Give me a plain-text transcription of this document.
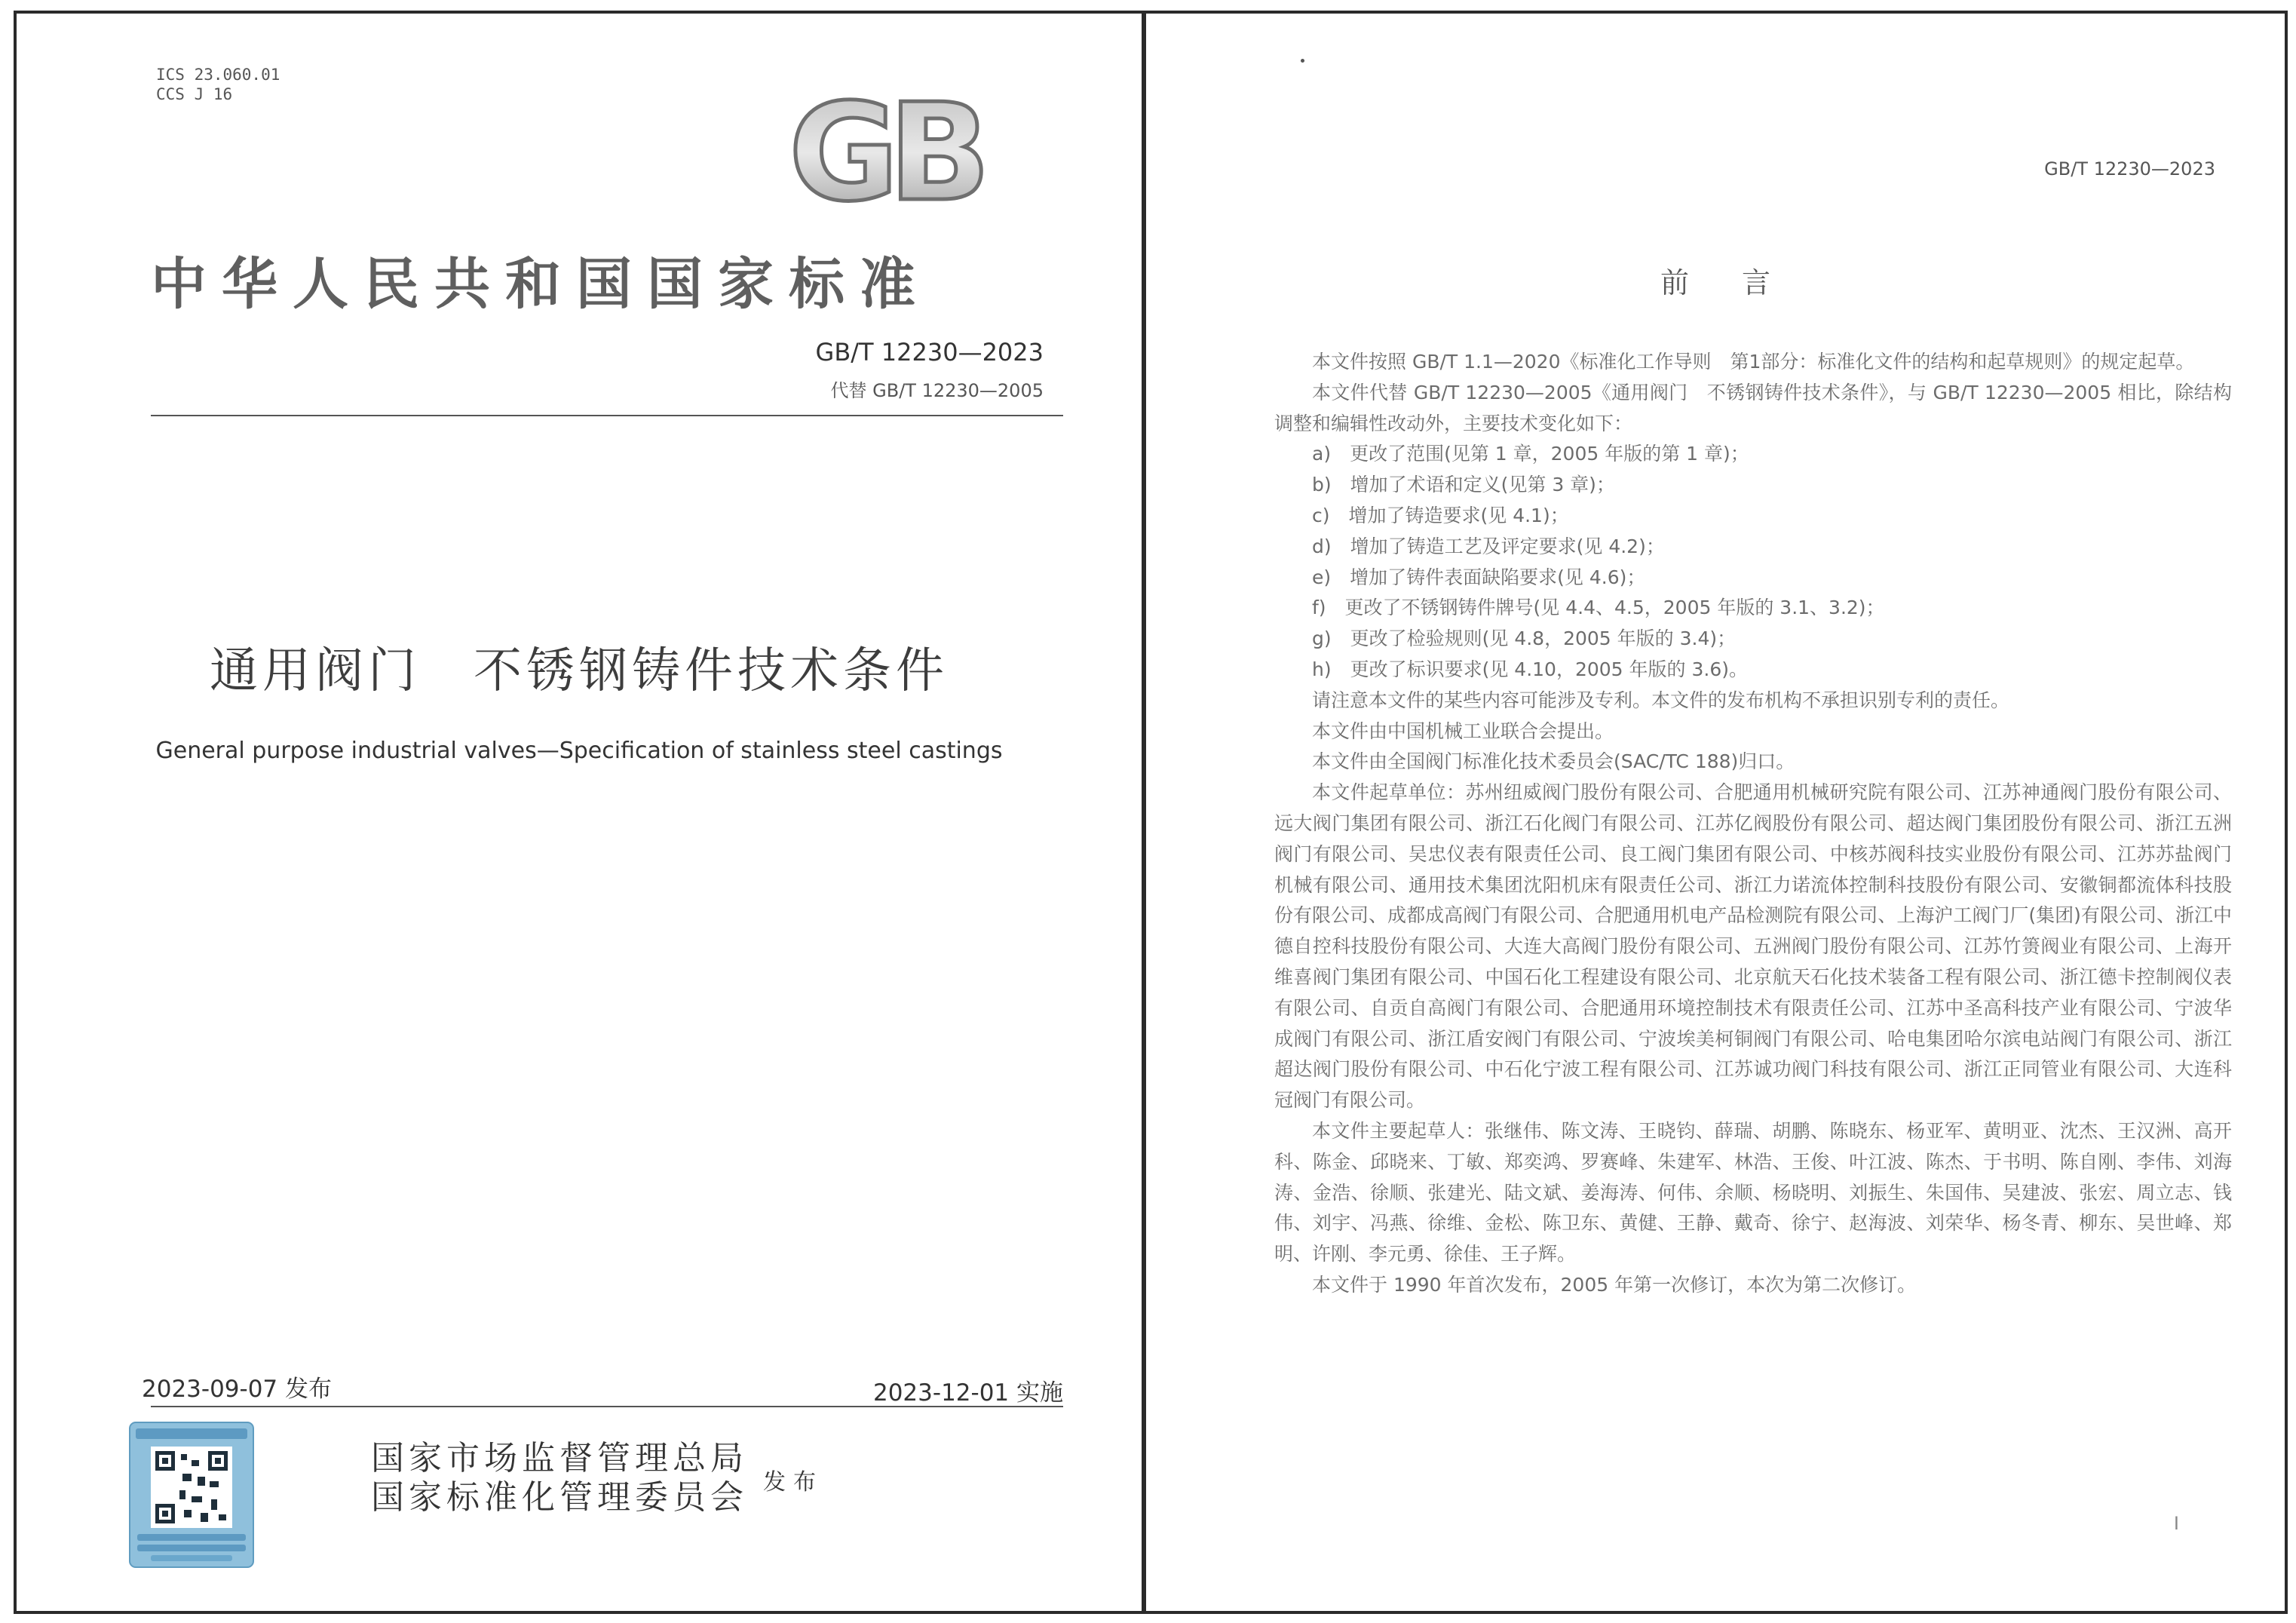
ICS 23.060.01
CCS J 16	GB
中华人民共和国国家标准
GB/T 12230—2023
代替 GB/T 12230—2005
通用阀门　不锈钢铸件技术条件
General purpose industrial valves—Specification of stainless steel castings
2023-09-07 发布	2023-12-01 实施
国家市场监督管理总局
国家标准化管理委员会 发布
GB/T 12230—2023
前言

本文件按照 GB/T 1.1—2020《标准化工作导则　第1部分：标准化文件的结构和起草规则》的规定起草。

本文件代替 GB/T 12230—2005《通用阀门　不锈钢铸件技术条件》，与 GB/T 12230—2005 相比，除结构调整和编辑性改动外，主要技术变化如下：

a)　更改了范围(见第 1 章，2005 年版的第 1 章)；

b)　增加了术语和定义(见第 3 章)；

c)　增加了铸造要求(见 4.1)；

d)　增加了铸造工艺及评定要求(见 4.2)；

e)　增加了铸件表面缺陷要求(见 4.6)；

f)　更改了不锈钢铸件牌号(见 4.4、4.5，2005 年版的 3.1、3.2)；

g)　更改了检验规则(见 4.8，2005 年版的 3.4)；

h)　更改了标识要求(见 4.10，2005 年版的 3.6)。

请注意本文件的某些内容可能涉及专利。本文件的发布机构不承担识别专利的责任。

本文件由中国机械工业联合会提出。

本文件由全国阀门标准化技术委员会(SAC/TC 188)归口。

本文件起草单位：苏州纽威阀门股份有限公司、合肥通用机械研究院有限公司、江苏神通阀门股份有限公司、远大阀门集团有限公司、浙江石化阀门有限公司、江苏亿阀股份有限公司、超达阀门集团股份有限公司、浙江五洲阀门有限公司、吴忠仪表有限责任公司、良工阀门集团有限公司、中核苏阀科技实业股份有限公司、江苏苏盐阀门机械有限公司、通用技术集团沈阳机床有限责任公司、浙江力诺流体控制科技股份有限公司、安徽铜都流体科技股份有限公司、成都成高阀门有限公司、合肥通用机电产品检测院有限公司、上海沪工阀门厂(集团)有限公司、浙江中德自控科技股份有限公司、大连大高阀门股份有限公司、五洲阀门股份有限公司、江苏竹箦阀业有限公司、上海开维喜阀门集团有限公司、中国石化工程建设有限公司、北京航天石化技术装备工程有限公司、浙江德卡控制阀仪表有限公司、自贡自高阀门有限公司、合肥通用环境控制技术有限责任公司、江苏中圣高科技产业有限公司、宁波华成阀门有限公司、浙江盾安阀门有限公司、宁波埃美柯铜阀门有限公司、哈电集团哈尔滨电站阀门有限公司、浙江超达阀门股份有限公司、中石化宁波工程有限公司、江苏诚功阀门科技有限公司、浙江正同管业有限公司、大连科冠阀门有限公司。

本文件主要起草人：张继伟、陈文涛、王晓钧、薛瑞、胡鹏、陈晓东、杨亚军、黄明亚、沈杰、王汉洲、高开科、陈金、邱晓来、丁敏、郑奕鸿、罗赛峰、朱建军、林浩、王俊、叶江波、陈杰、于书明、陈自刚、李伟、刘海涛、金浩、徐顺、张建光、陆文斌、姜海涛、何伟、余顺、杨晓明、刘振生、朱国伟、吴建波、张宏、周立志、钱伟、刘宇、冯燕、徐维、金松、陈卫东、黄健、王静、戴奇、徐宁、赵海波、刘荣华、杨冬青、柳东、吴世峰、郑明、许刚、李元勇、徐佳、王子辉。

本文件于 1990 年首次发布，2005 年第一次修订，本次为第二次修订。

I
